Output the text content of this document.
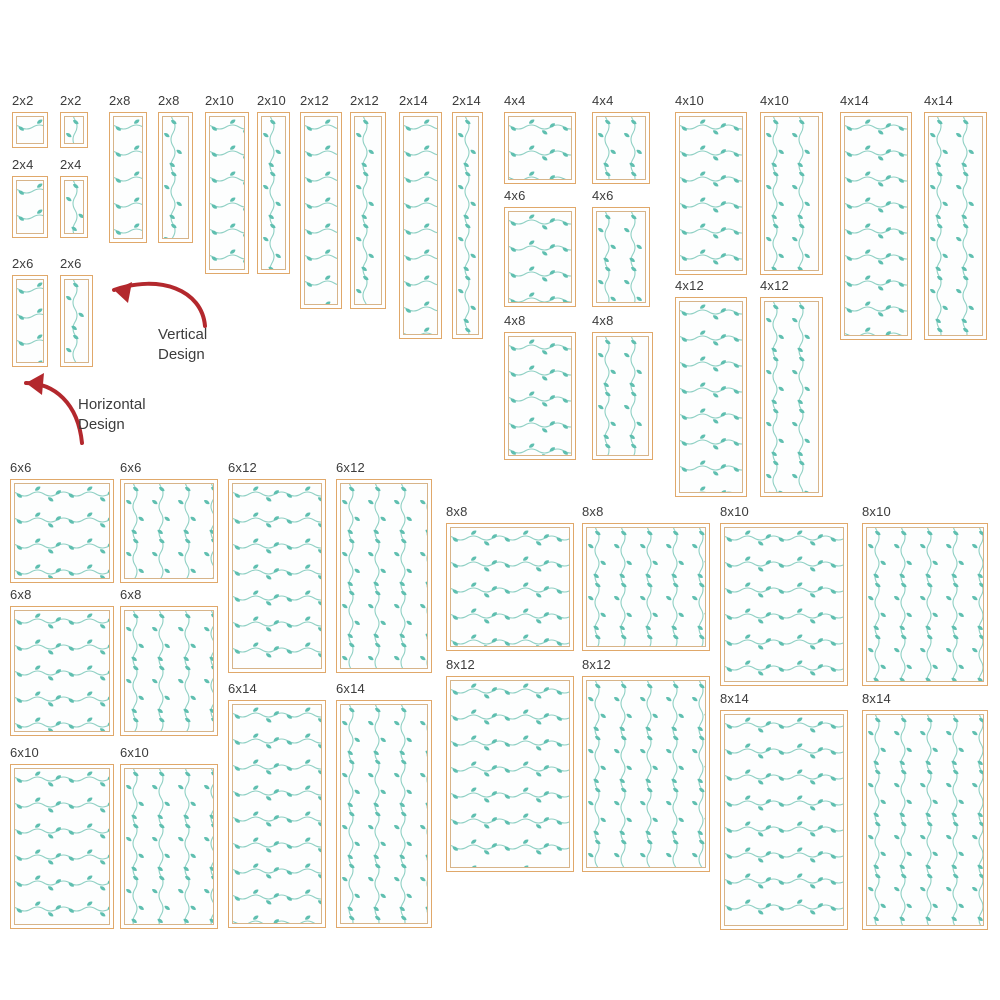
2x2 2x2
2x4 2x4
2x6 2x6
2x8 2x8 2x10 2x10 2x12 2x12 2x14 2x14 4x4	4x4
4x6	4x6
4x8	4x8
4x10	4x10
4x12	4x12
4x14	4x14
6x6	6x6
6x8	6x8
6x10	6x10
6x12	6x12
6x14	6x14
8x8	8x8
8x12	8x12
8x10	8x10
8x14	8x14
Vertical
Design
Horizontal
Design
